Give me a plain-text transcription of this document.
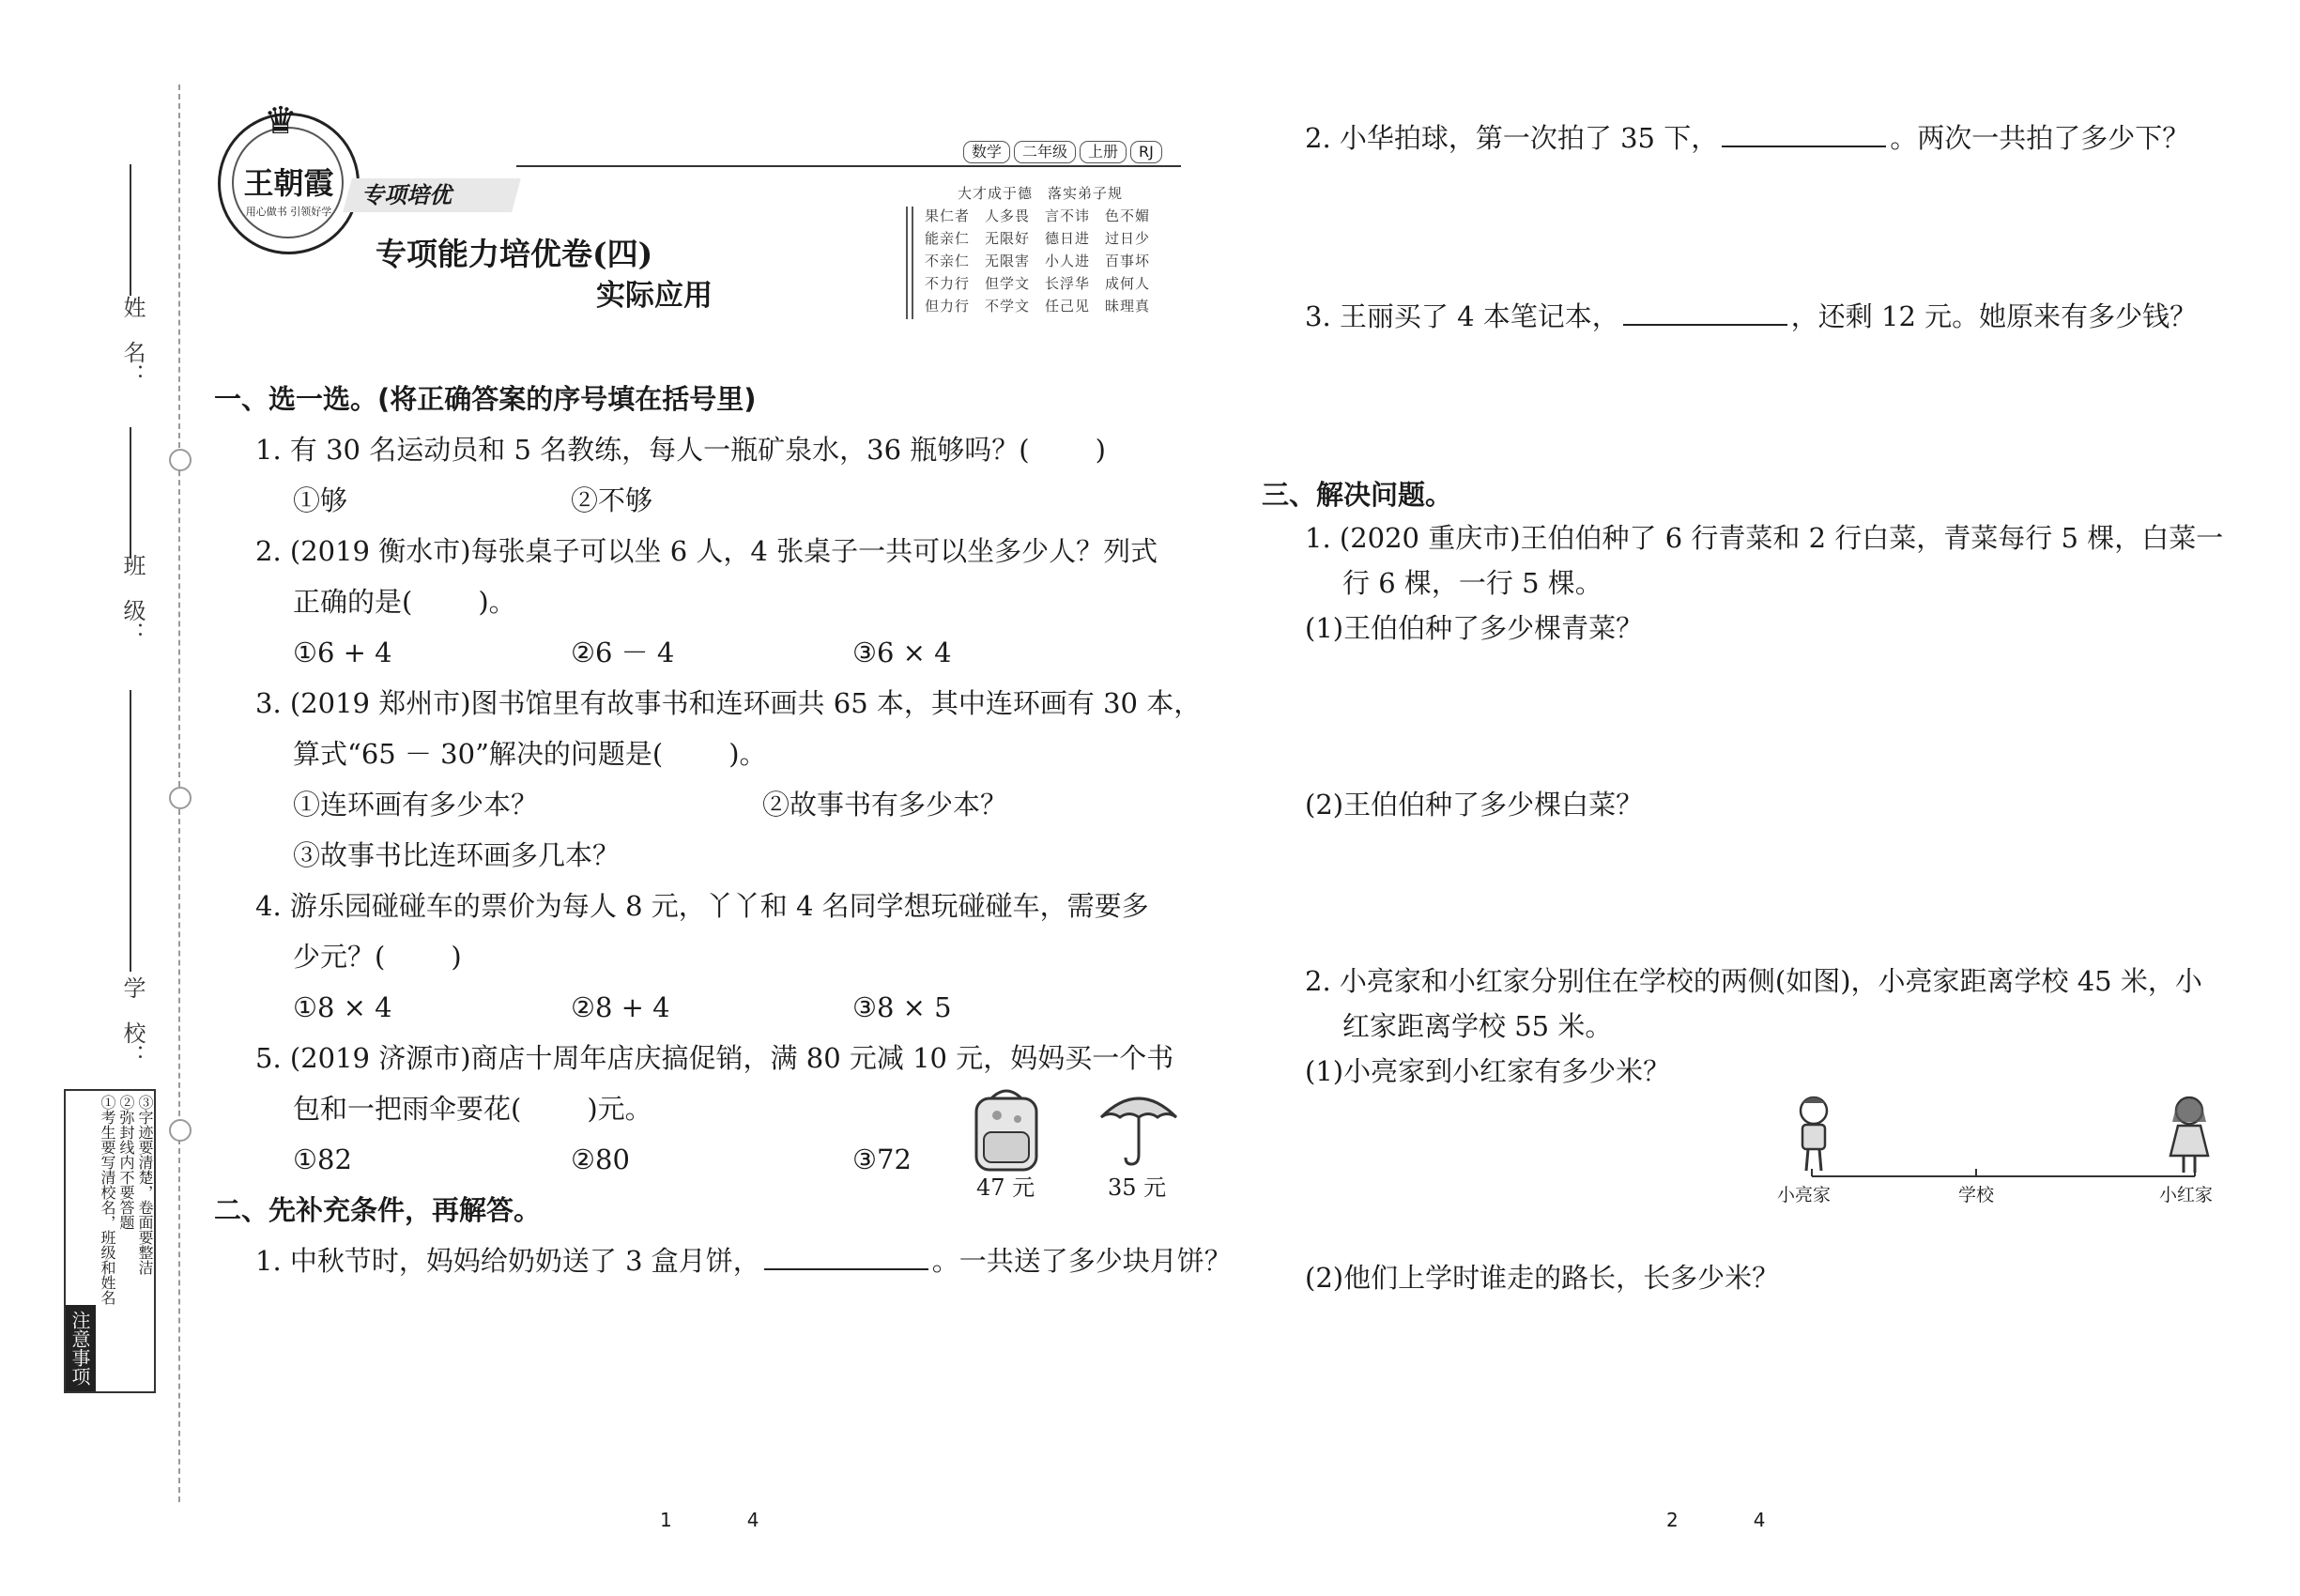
姓　名：
班　级：
学　校：
注意事项
①考生要写清校名，班级和姓名 ②弥封线内不要答题 ③字迹要清楚，卷面要整洁
♛
王朝霞
用心做书 引领好学
专项培优
数学 二年级 上册 RJ
专项能力培优卷(四)
实际应用
大才成于德　落实弟子规
果仁者　人多畏　言不讳　色不媚
能亲仁　无限好　德日进　过日少
不亲仁　无限害　小人进　百事坏
不力行　但学文　长浮华　成何人
但力行　不学文　任己见　昧理真
一、选一选。(将正确答案的序号填在括号里)
1. 有 30 名运动员和 5 名教练，每人一瓶矿泉水，36 瓶够吗？( )
①够	②不够
2. (2019 衡水市)每张桌子可以坐 6 人，4 张桌子一共可以坐多少人？列式
正确的是( )。
①6 + 4	②6 － 4	③6 × 4
3. (2019 郑州市)图书馆里有故事书和连环画共 65 本，其中连环画有 30 本，
算式“65 － 30”解决的问题是( )。
①连环画有多少本？	②故事书有多少本？
③故事书比连环画多几本？
4. 游乐园碰碰车的票价为每人 8 元，丫丫和 4 名同学想玩碰碰车，需要多
少元？( )
①8 × 4	②8 + 4	③8 × 5
5. (2019 济源市)商店十周年店庆搞促销，满 80 元减 10 元，妈妈买一个书
包和一把雨伞要花( )元。
①82	②80	③72
47 元	35 元
二、先补充条件，再解答。
1. 中秋节时，妈妈给奶奶送了 3 盒月饼，	。一共送了多少块月饼？
2. 小华拍球，第一次拍了 35 下，	。两次一共拍了多少下？
3. 王丽买了 4 本笔记本，	，还剩 12 元。她原来有多少钱？
三、解决问题。
1. (2020 重庆市)王伯伯种了 6 行青菜和 2 行白菜，青菜每行 5 棵，白菜一
行 6 棵，一行 5 棵。
(1)王伯伯种了多少棵青菜？
(2)王伯伯种了多少棵白菜？
2. 小亮家和小红家分别住在学校的两侧(如图)，小亮家距离学校 45 米，小
红家距离学校 55 米。
(1)小亮家到小红家有多少米？
小亮家	学校	小红家
(2)他们上学时谁走的路长，长多少米？
1　　　　4	2　　　　4
